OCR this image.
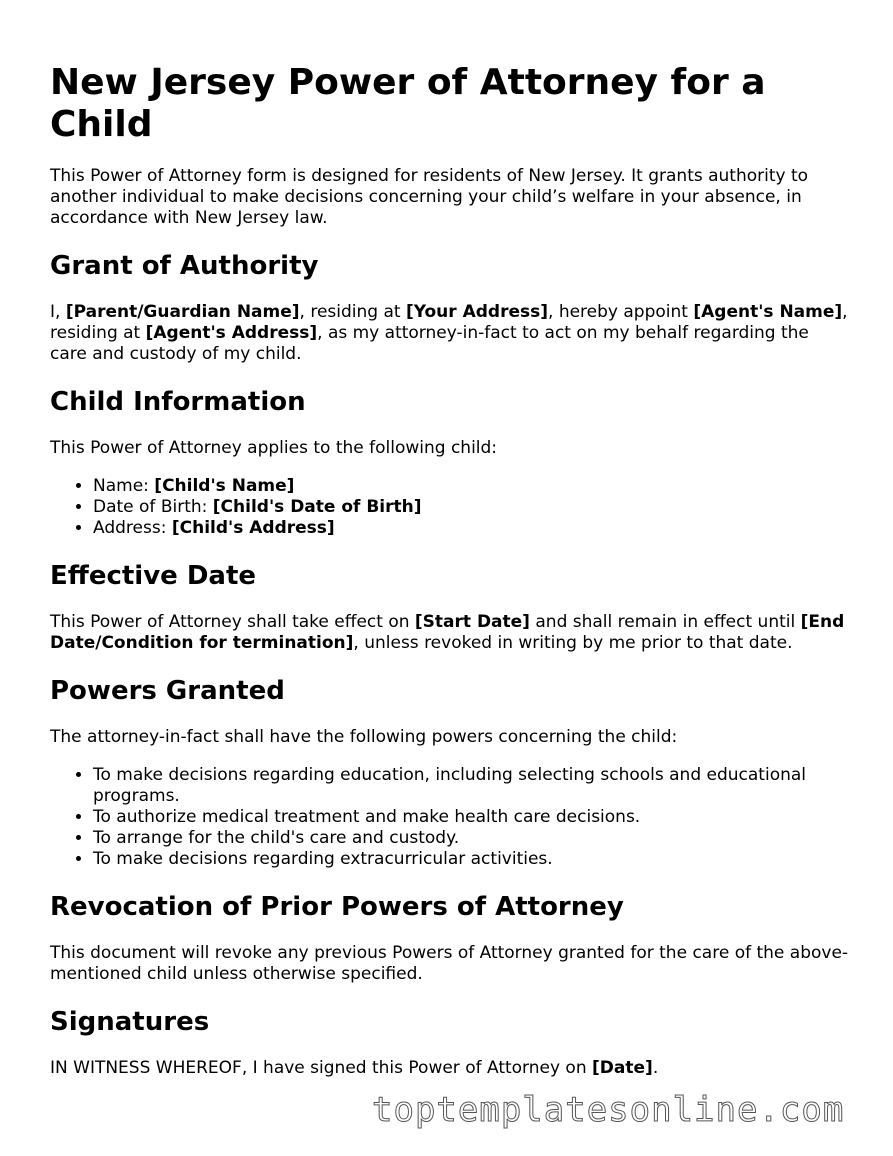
New Jersey Power of Attorney for a Child

This Power of Attorney form is designed for residents of New Jersey. It grants authority to another individual to make decisions concerning your child’s welfare in your absence, in accordance with New Jersey law.

Grant of Authority

I, [Parent/Guardian Name], residing at [Your Address], hereby appoint [Agent's Name], residing at [Agent's Address], as my attorney-in-fact to act on my behalf regarding the care and custody of my child.

Child Information

This Power of Attorney applies to the following child:

• Name: [Child's Name]
• Date of Birth: [Child's Date of Birth]
• Address: [Child's Address]
Effective Date

This Power of Attorney shall take effect on [Start Date] and shall remain in effect until [End Date/Condition for termination], unless revoked in writing by me prior to that date.

Powers Granted

The attorney-in-fact shall have the following powers concerning the child:

• To make decisions regarding education, including selecting schools and educational programs.
• To authorize medical treatment and make health care decisions.
• To arrange for the child's care and custody.
• To make decisions regarding extracurricular activities.
Revocation of Prior Powers of Attorney

This document will revoke any previous Powers of Attorney granted for the care of the above-mentioned child unless otherwise specified.

Signatures

IN WITNESS WHEREOF, I have signed this Power of Attorney on [Date].

toptemplatesonline.com
